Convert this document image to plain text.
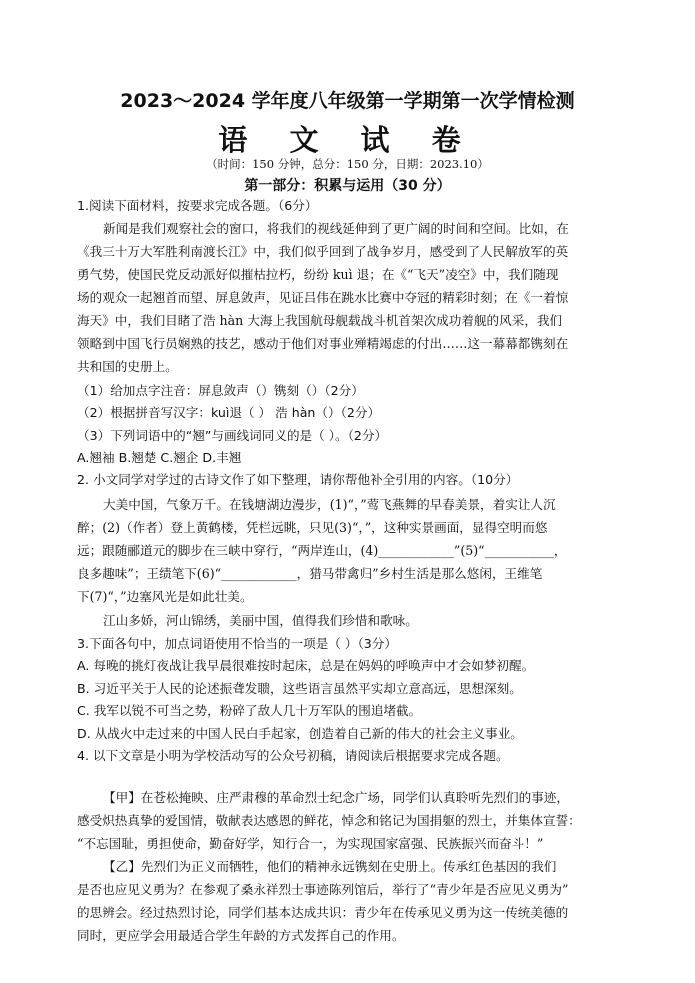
2023～2024 学年度八年级第一学期第一次学情检测
语 文 试 卷
（时间：150 分钟，总分：150 分，日期：2023.10）
第一部分：积累与运用（30 分）
1.阅读下面材料，按要求完成各题。（6分）
新闻是我们观察社会的窗口，将我们的视线延伸到了更广阔的时间和空间。比如，在
《我三十万大军胜利南渡长江》中，我们似乎回到了战争岁月，感受到了人民解放军的英
勇气势，使国民党反动派好似摧枯拉朽，纷纷 kuì 退；在《“飞天”凌空》中，我们随现
场的观众一起翘首而望、屏息敛声，见证吕伟在跳水比赛中夺冠的精彩时刻；在《一着惊
海天》中，我们目睹了浩 hàn 大海上我国航母舰载战斗机首架次成功着舰的风采，我们
领略到中国飞行员娴熟的技艺，感动于他们对事业殚精竭虑的付出……这一幕幕都镌刻在
共和国的史册上。
（1）给加点字注音：屏息敛声（）镌刻（）（2分）
（2）根据拼音写汉字：kuì退（ ） 浩 hàn（）（2分）
（3）下列词语中的“翘”与画线词同义的是（ ）。（2分）
A.翘袖 B.翘楚 C.翘企 D.丰翘
2. 小文同学对学过的古诗文作了如下整理，请你帮他补全引用的内容。（10分）
大美中国，气象万千。在钱塘湖边漫步，(1)“，”莺飞燕舞的早春美景，着实让人沉
醉；(2)（作者）登上黄鹤楼，凭栏远眺，只见(3)“，”，这种实景画面，显得空明而悠
远；跟随郦道元的脚步在三峡中穿行，“两岸连山，(4)____________”(5)“___________，
良多趣味”；王绩笔下(6)“____________，猎马带禽归”乡村生活是那么悠闲，王维笔
下(7)“，”边塞风光是如此壮美。
江山多娇，河山锦绣，美丽中国，值得我们珍惜和歌咏。
3.下面各句中，加点词语使用不恰当的一项是（ ）（3分）
A. 每晚的挑灯夜战让我早晨很难按时起床，总是在妈妈的呼唤声中才会如梦初醒。
B. 习近平关于人民的论述振聋发聩，这些语言虽然平实却立意高远，思想深刻。
C. 我军以锐不可当之势，粉碎了敌人几十万军队的围追堵截。
D. 从战火中走过来的中国人民白手起家，创造着自己新的伟大的社会主义事业。
4. 以下文章是小明为学校活动写的公众号初稿，请阅读后根据要求完成各题。
【甲】在苍松掩映、庄严肃穆的革命烈士纪念广场，同学们认真聆听先烈们的事迹，
感受炽热真挚的爱国情，敬献表达感恩的鲜花，悼念和铭记为国捐躯的烈士，并集体宣誓：
“不忘国耻，勇担使命，勤奋好学，知行合一，为实现国家富强、民族振兴而奋斗！”
【乙】先烈们为正义而牺牲，他们的精神永远镌刻在史册上。传承红色基因的我们
是否也应见义勇为？在参观了桑永祥烈士事迹陈列馆后，举行了“青少年是否应见义勇为”
的思辨会。经过热烈讨论，同学们基本达成共识：青少年在传承见义勇为这一传统美德的
同时，更应学会用最适合学生年龄的方式发挥自己的作用。
